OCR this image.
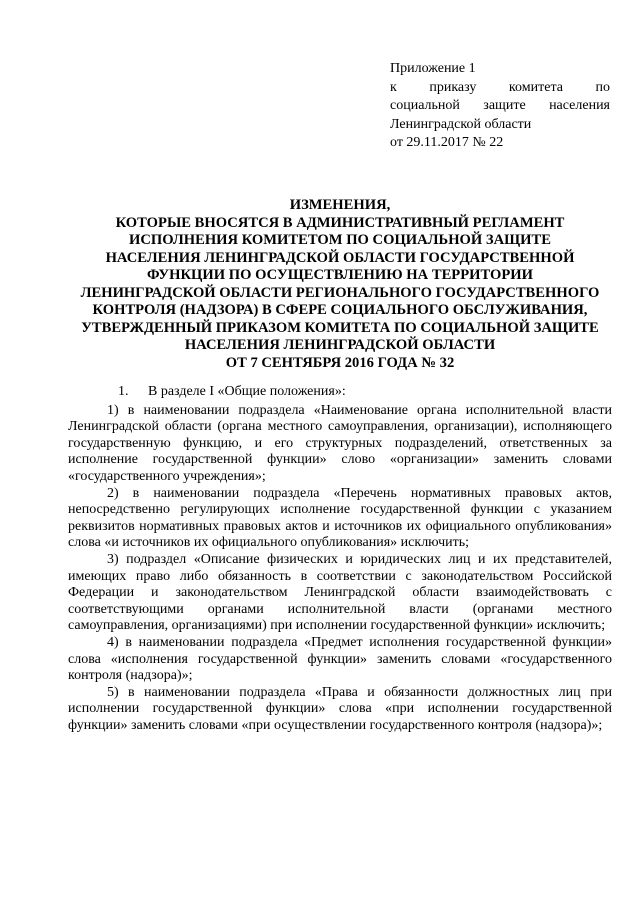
Приложение 1
к приказу комитета по
социальной защите населения
Ленинградской области
от 29.11.2017 № 22
ИЗМЕНЕНИЯ,
КОТОРЫЕ ВНОСЯТСЯ В АДМИНИСТРАТИВНЫЙ РЕГЛАМЕНТ
ИСПОЛНЕНИЯ КОМИТЕТОМ ПО СОЦИАЛЬНОЙ ЗАЩИТЕ
НАСЕЛЕНИЯ ЛЕНИНГРАДСКОЙ ОБЛАСТИ ГОСУДАРСТВЕННОЙ
ФУНКЦИИ ПО ОСУЩЕСТВЛЕНИЮ НА ТЕРРИТОРИИ
ЛЕНИНГРАДСКОЙ ОБЛАСТИ РЕГИОНАЛЬНОГО ГОСУДАРСТВЕННОГО
КОНТРОЛЯ (НАДЗОРА) В СФЕРЕ СОЦИАЛЬНОГО ОБСЛУЖИВАНИЯ,
УТВЕРЖДЕННЫЙ ПРИКАЗОМ КОМИТЕТА ПО СОЦИАЛЬНОЙ ЗАЩИТЕ
НАСЕЛЕНИЯ ЛЕНИНГРАДСКОЙ ОБЛАСТИ
ОТ 7 СЕНТЯБРЯ 2016 ГОДА № 32

1. В разделе I «Общие положения»:

1) в наименовании подраздела «Наименование органа исполнительной власти Ленинградской области (органа местного самоуправления, организации), исполняющего государственную функцию, и его структурных подразделений, ответственных за исполнение государственной функции» слово «организации» заменить словами «государственного учреждения»;

2) в наименовании подраздела «Перечень нормативных правовых актов, непосредственно регулирующих исполнение государственной функции с указанием реквизитов нормативных правовых актов и источников их официального опубликования» слова «и источников их официального опубликования» исключить;

3) подраздел «Описание физических и юридических лиц и их представителей, имеющих право либо обязанность в соответствии с законодательством Российской Федерации и законодательством Ленинградской области взаимодействовать с соответствующими органами исполнительной власти (органами местного самоуправления, организациями) при исполнении государственной функции» исключить;

4) в наименовании подраздела «Предмет исполнения государственной функции» слова «исполнения государственной функции» заменить словами «государственного контроля (надзора)»;

5) в наименовании подраздела «Права и обязанности должностных лиц при исполнении государственной функции» слова «при исполнении государственной функции» заменить словами «при осуществлении государственного контроля (надзора)»;
